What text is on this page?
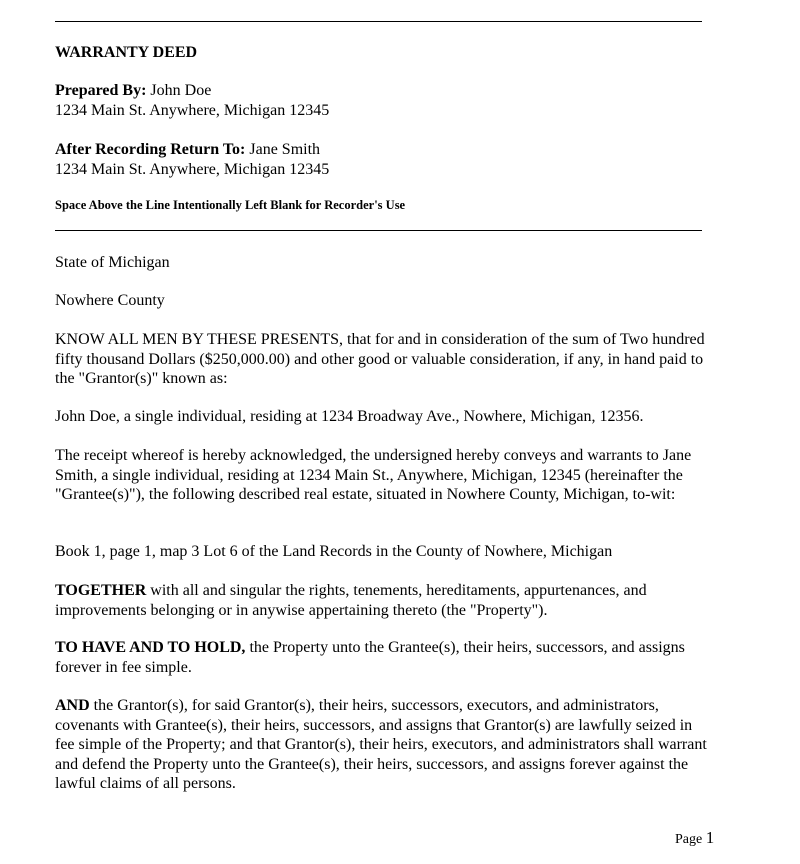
WARRANTY DEED
Prepared By: John Doe
1234 Main St. Anywhere, Michigan 12345
After Recording Return To: Jane Smith
1234 Main St. Anywhere, Michigan 12345
Space Above the Line Intentionally Left Blank for Recorder's Use
State of Michigan
Nowhere County
KNOW ALL MEN BY THESE PRESENTS, that for and in consideration of the sum of Two hundred fifty thousand Dollars ($250,000.00) and other good or valuable consideration, if any, in hand paid to the "Grantor(s)" known as:
John Doe, a single individual, residing at 1234 Broadway Ave., Nowhere, Michigan, 12356.
The receipt whereof is hereby acknowledged, the undersigned hereby conveys and warrants to Jane Smith, a single individual, residing at 1234 Main St., Anywhere, Michigan, 12345 (hereinafter the "Grantee(s)"), the following described real estate, situated in Nowhere County, Michigan, to-wit:
Book 1, page 1, map 3 Lot 6 of the Land Records in the County of Nowhere, Michigan
TOGETHER with all and singular the rights, tenements, hereditaments, appurtenances, and improvements belonging or in anywise appertaining thereto (the "Property").
TO HAVE AND TO HOLD, the Property unto the Grantee(s), their heirs, successors, and assigns forever in fee simple.
AND the Grantor(s), for said Grantor(s), their heirs, successors, executors, and administrators, covenants with Grantee(s), their heirs, successors, and assigns that Grantor(s) are lawfully seized in fee simple of the Property; and that Grantor(s), their heirs, executors, and administrators shall warrant and defend the Property unto the Grantee(s), their heirs, successors, and assigns forever against the lawful claims of all persons.
Page 1
